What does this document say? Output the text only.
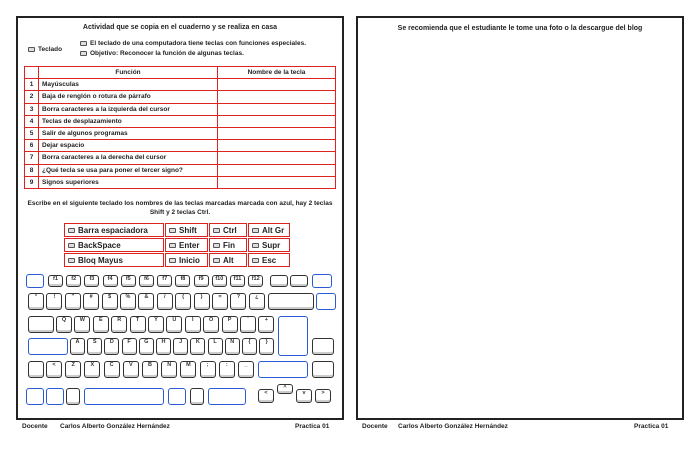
Actividad que se copia en el cuaderno y se realiza en casa
Teclado
El teclado de una computadora tiene teclas con funciones especiales.
Objetivo: Reconocer la función de algunas teclas.
	Función	Nombre de la tecla
1	Mayúsculas	
2	Baja de renglón o rotura de párrafo	
3	Borra caracteres a la izquierda del cursor	
4	Teclas de desplazamiento	
5	Salir de algunos programas	
6	Dejar espacio	
7	Borra caracteres a la derecha del cursor	
8	¿Qué tecla se usa para poner el tercer signo?	
9	Signos superiores	
Escribe en el siguiente teclado los nombres de las teclas marcadas marcada con azul, hay 2 teclas Shift y 2 teclas Ctrl.
Barra espaciadora	Shift	Ctrl	Alt Gr
BackSpace	Enter	Fin	Supr
Bloq Mayus	Inicio	Alt	Esc
f1	f2	f3	f4	f5	f6	f7	f8	f9	f10	f11	f12
°	!	"	#	$	%	&	/	(	)	=	?	¿
Q	W	E	R	T	Y	U	I	O	P	´	+
A	S	D	F	G	H	J	K	L	Ñ	{	}
<	Z	X	C	V	B	N	M	;	:	_
<
^
v	>
Se recomienda que el estudiante le tome una foto o la descargue del blog
Docente Carlos Alberto González Hernández	Practica 01	Docente Carlos Alberto González Hernández	Practica 01
